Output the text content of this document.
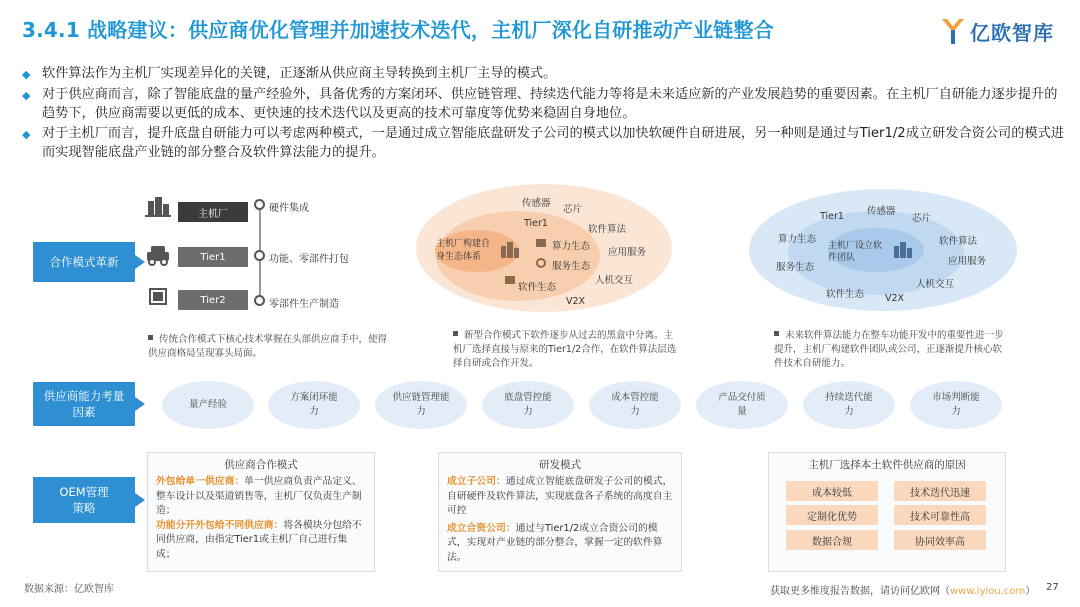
3.4.1 战略建议：供应商优化管理并加速技术迭代，主机厂深化自研推动产业链整合	亿欧智库
◆ 软件算法作为主机厂实现差异化的关键，正逐渐从供应商主导转换到主机厂主导的模式。
◆ 对于供应商而言，除了智能底盘的量产经验外，具备优秀的方案闭环、供应链管理、持续迭代能力等将是未来适应新的产业发展趋势的重要因素。在主机厂自研能力逐步提升的趋势下，供应商需要以更低的成本、更快速的技术迭代以及更高的技术可靠度等优势来稳固自身地位。
◆ 对于主机厂而言，提升底盘自研能力可以考虑两种模式，一是通过成立智能底盘研发子公司的模式以加快软硬件自研进展，另一种则是通过与Tier1/2成立研发合资公司的模式进而实现智能底盘产业链的部分整合及软件算法能力的提升。
合作模式革新
供应商能力考量因素
OEM管理策略
主机厂
Tier1
Tier2
硬件集成
功能、零部件打包
零部件生产制造
主机厂构建自身生态体系
算力生态
服务生态
软件生态
传感器
芯片
Tier1
软件算法
应用服务
人机交互
V2X
主机厂设立软件团队
Tier1 传感器
芯片
算力生态	软件算法
服务生态
应用服务
人机交互
软件生态 V2X
传统合作模式下核心技术掌握在头部供应商手中，使得供应商格局呈现寡头局面。
新型合作模式下软件逐步从过去的黑盒中分离。主机厂选择直接与原来的Tier1/2合作，在软件算法层选择自研或合作开发。
未来软件算法能力在整车功能开发中的重要性进一步提升，主机厂构建软件团队或公司，正逐渐提升核心软件技术自研能力。
量产经验
方案闭环能力
供应链管理能力
底盘管控能力
成本管控能力
产品交付质量
持续迭代能力
市场判断能力
供应商合作模式
外包给单一供应商：单一供应商负责产品定义、整车设计以及渠道销售等，主机厂仅负责生产制造；
功能分开外包给不同供应商：将各模块分包给不同供应商，由指定Tier1或主机厂自己进行集成；
研发模式
成立子公司：通过成立智能底盘研发子公司的模式，自研硬件及软件算法，实现底盘各子系统的高度自主可控
成立合资公司：通过与Tier1/2成立合资公司的模式，实现对产业链的部分整合，掌握一定的软件算法。
主机厂选择本土软件供应商的原因
成本较低	技术迭代迅速
定制化优势	技术可靠性高
数据合规	协同效率高
数据来源：亿欧智库	获取更多维度报告数据，请访问亿欧网（www.iyiou.com） 27
